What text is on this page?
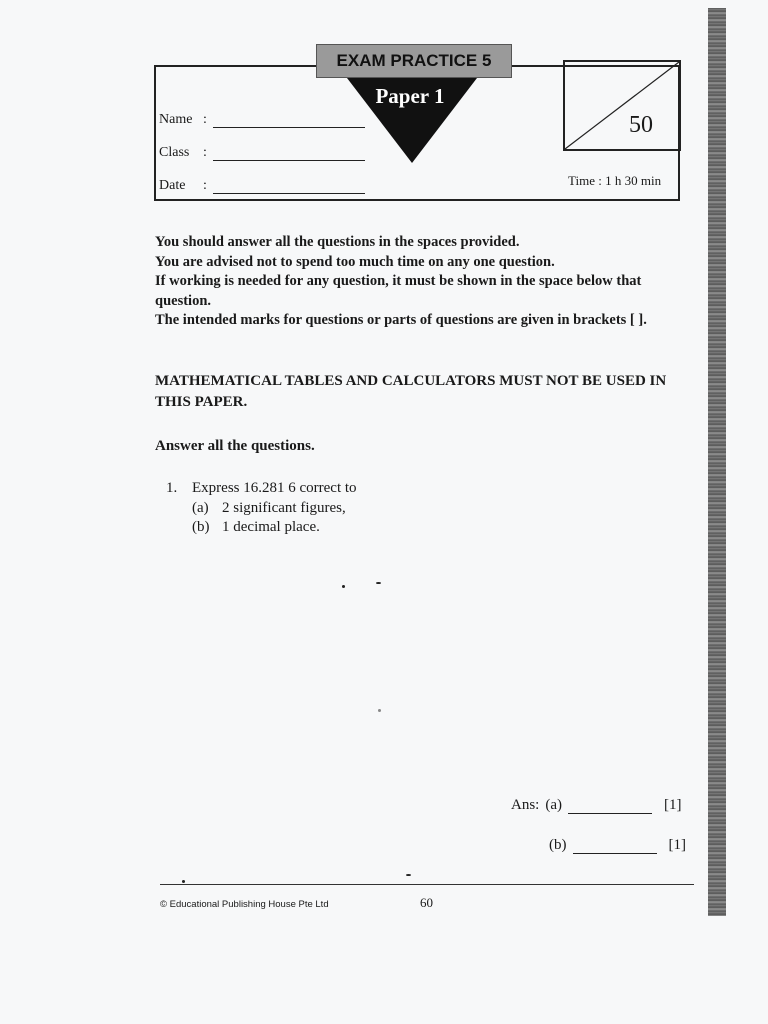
EXAM PRACTICE 5
Paper 1
Name :
Class :
Date	:
50
Time : 1 h 30 min

You should answer all the questions in the spaces provided.

You are advised not to spend too much time on any one question.

If working is needed for any question, it must be shown in the space below that question.

The intended marks for questions or parts of questions are given in brackets [ ].

MATHEMATICAL TABLES AND CALCULATORS MUST NOT BE USED IN THIS PAPER.
Answer all the questions.
1. Express 16.281 6 correct to
(a) 2 significant figures,
(b) 1 decimal place.
Ans: (a)	[1]
(b)	[1]
© Educational Publishing House Pte Ltd	60
